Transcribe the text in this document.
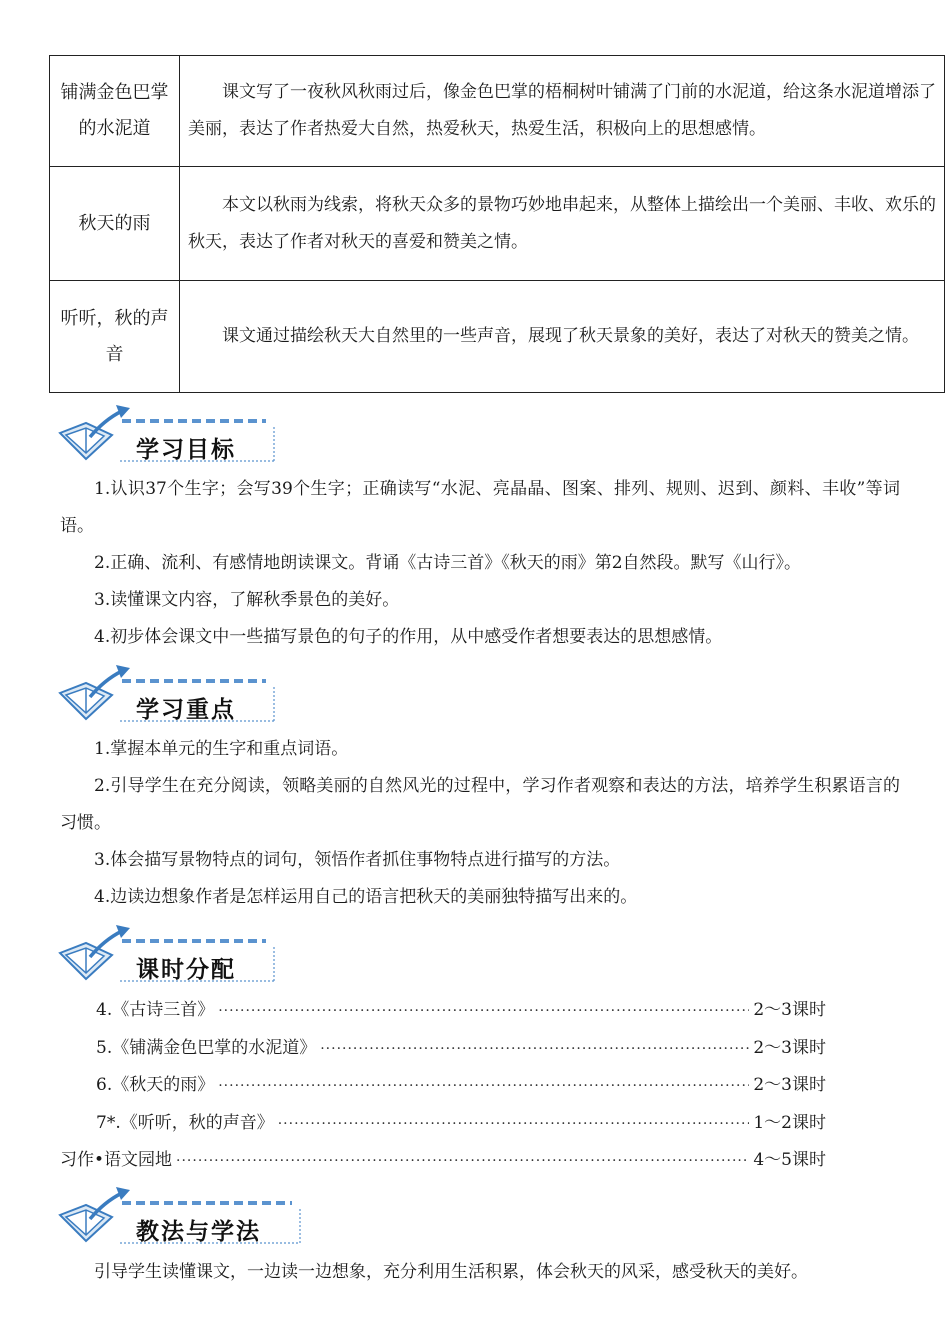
铺满金色巴掌的水泥道	课文写了一夜秋风秋雨过后，像金色巴掌的梧桐树叶铺满了门前的水泥道，给这条水泥道增添了美丽，表达了作者热爱大自然，热爱秋天，热爱生活，积极向上的思想感情。
秋天的雨	本文以秋雨为线索，将秋天众多的景物巧妙地串起来，从整体上描绘出一个美丽、丰收、欢乐的秋天，表达了作者对秋天的喜爱和赞美之情。
听听，秋的声音	课文通过描绘秋天大自然里的一些声音，展现了秋天景象的美好，表达了对秋天的赞美之情。
学习目标

1.认识37个生字；会写39个生字；正确读写“水泥、亮晶晶、图案、排列、规则、迟到、颜料、丰收”等词语。

2.正确、流利、有感情地朗读课文。背诵《古诗三首》《秋天的雨》第2自然段。默写《山行》。

3.读懂课文内容，了解秋季景色的美好。

4.初步体会课文中一些描写景色的句子的作用，从中感受作者想要表达的思想感情。

学习重点

1.掌握本单元的生字和重点词语。

2.引导学生在充分阅读，领略美丽的自然风光的过程中，学习作者观察和表达的方法，培养学生积累语言的习惯。

3.体会描写景物特点的词句，领悟作者抓住事物特点进行描写的方法。

4.边读边想象作者是怎样运用自己的语言把秋天的美丽独特描写出来的。

课时分配
4.《古诗三首》 ·····	2～3课时
5.《铺满金色巴掌的水泥道》 ·····	2～3课时
6.《秋天的雨》 ·····	2～3课时
7*.《听听，秋的声音》 ·····	1～2课时
习作•语文园地 ·····	4～5课时
教法与学法

引导学生读懂课文，一边读一边想象，充分利用生活积累，体会秋天的风采，感受秋天的美好。
